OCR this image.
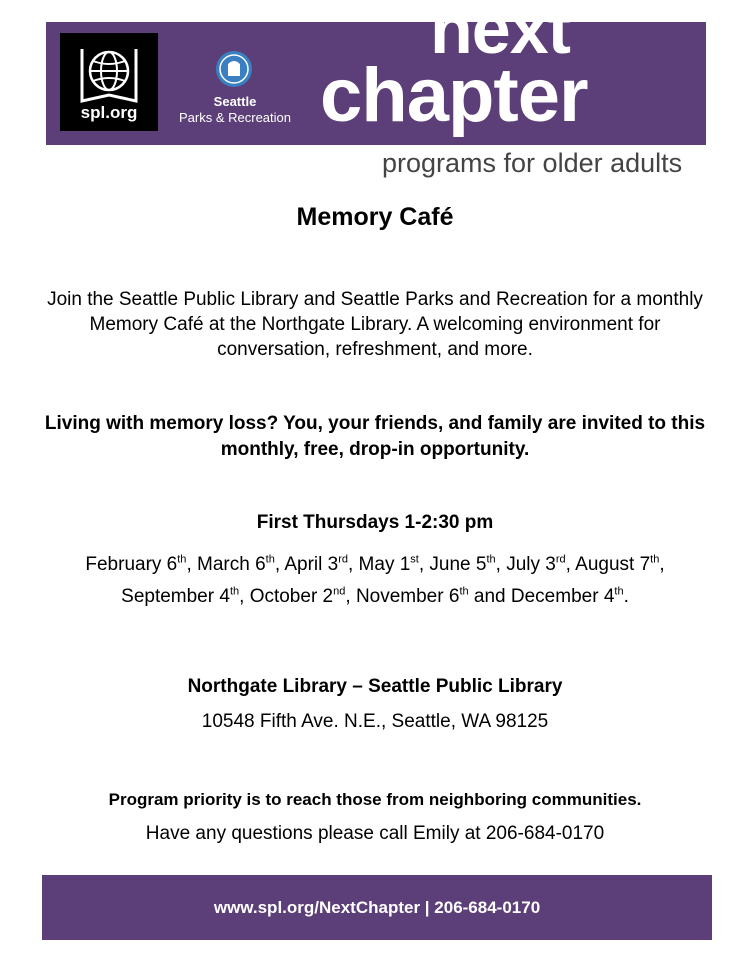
spl.org
Seattle
Parks & Recreation
next
chapter
programs for older adults
Memory Café
Join the Seattle Public Library and Seattle Parks and Recreation for a monthly Memory Café at the Northgate Library. A welcoming environment for conversation, refreshment, and more.
Living with memory loss? You, your friends, and family are invited to this monthly, free, drop-in opportunity.
First Thursdays 1-2:30 pm
February 6th, March 6th, April 3rd, May 1st, June 5th, July 3rd, August 7th, September 4th, October 2nd, November 6th and December 4th.
Northgate Library – Seattle Public Library
10548 Fifth Ave. N.E., Seattle, WA 98125
Program priority is to reach those from neighboring communities.
Have any questions please call Emily at 206-684-0170
www.spl.org/NextChapter | 206-684-0170
